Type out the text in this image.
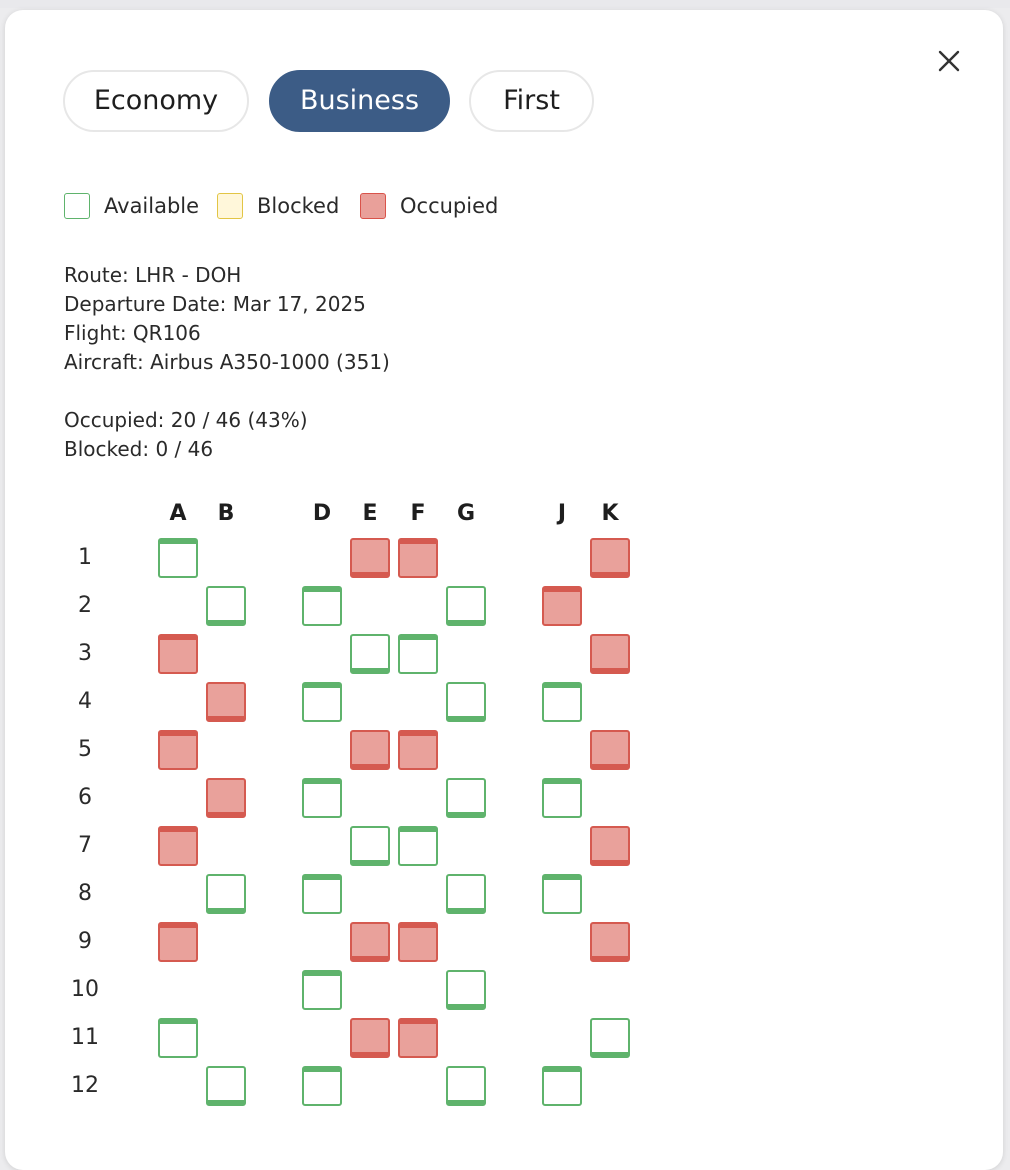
Economy	Business	First
Available	Blocked	Occupied
Route: LHR - DOH
Departure Date: Mar 17, 2025
Flight: QR106
Aircraft: Airbus A350-1000 (351)
Occupied: 20 / 46 (43%)
Blocked: 0 / 46
A	B	D	E	F	G	J	K
1
2
3
4
5
6
7
8
9
10
11
12
